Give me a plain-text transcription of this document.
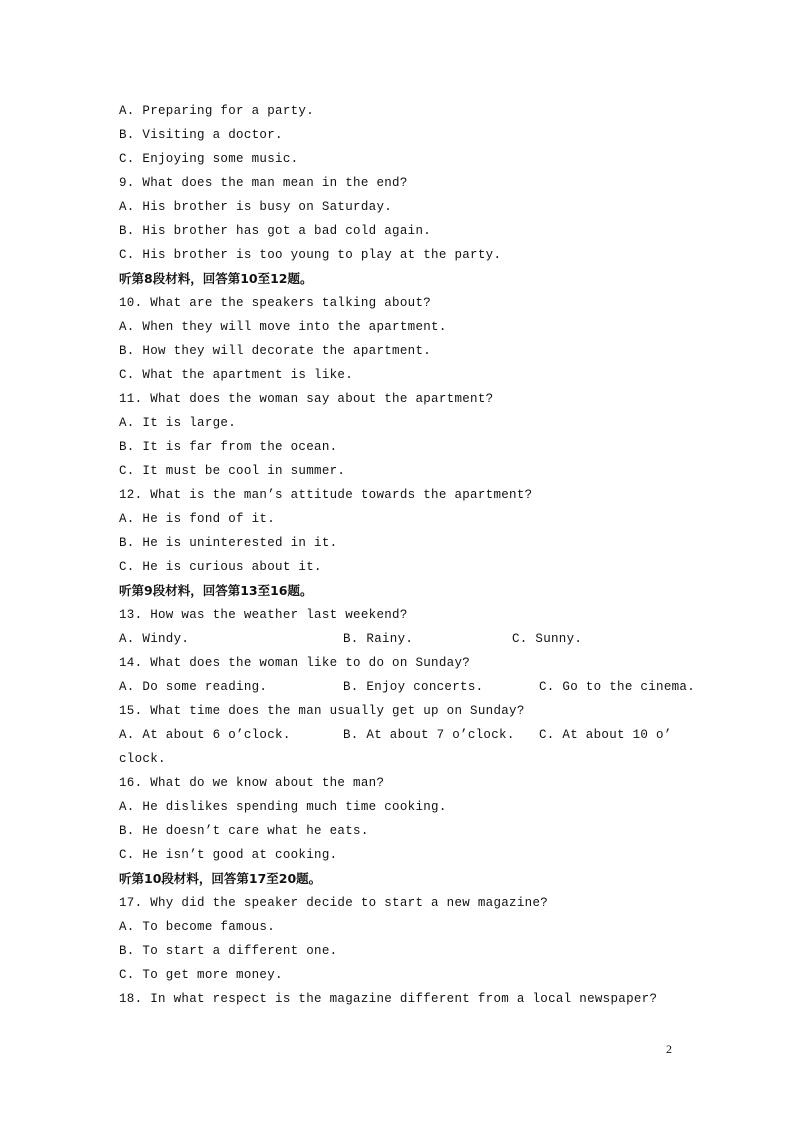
A. Preparing for a party.
B. Visiting a doctor.
C. Enjoying some music.
9. What does the man mean in the end?
A. His brother is busy on Saturday.
B. His brother has got a bad cold again.
C. His brother is too young to play at the party.
听第8段材料，回答第10至12题。
10. What are the speakers talking about?
A. When they will move into the apartment.
B. How they will decorate the apartment.
C. What the apartment is like.
11. What does the woman say about the apartment?
A. It is large.
B. It is far from the ocean.
C. It must be cool in summer.
12. What is the man’s attitude towards the apartment?
A. He is fond of it.
B. He is uninterested in it.
C. He is curious about it.
听第9段材料，回答第13至16题。
13. How was the weather last weekend?
A. Windy.	B. Rainy.	C. Sunny.
14. What does the woman like to do on Sunday?
A. Do some reading.	B. Enjoy concerts.	C. Go to the cinema.
15. What time does the man usually get up on Sunday?
A. At about 6 o’clock.	B. At about 7 o’clock. C. At about 10 o’
clock.
16. What do we know about the man?
A. He dislikes spending much time cooking.
B. He doesn’t care what he eats.
C. He isn’t good at cooking.
听第10段材料，回答第17至20题。
17. Why did the speaker decide to start a new magazine?
A. To become famous.
B. To start a different one.
C. To get more money.
18. In what respect is the magazine different from a local newspaper?
2
